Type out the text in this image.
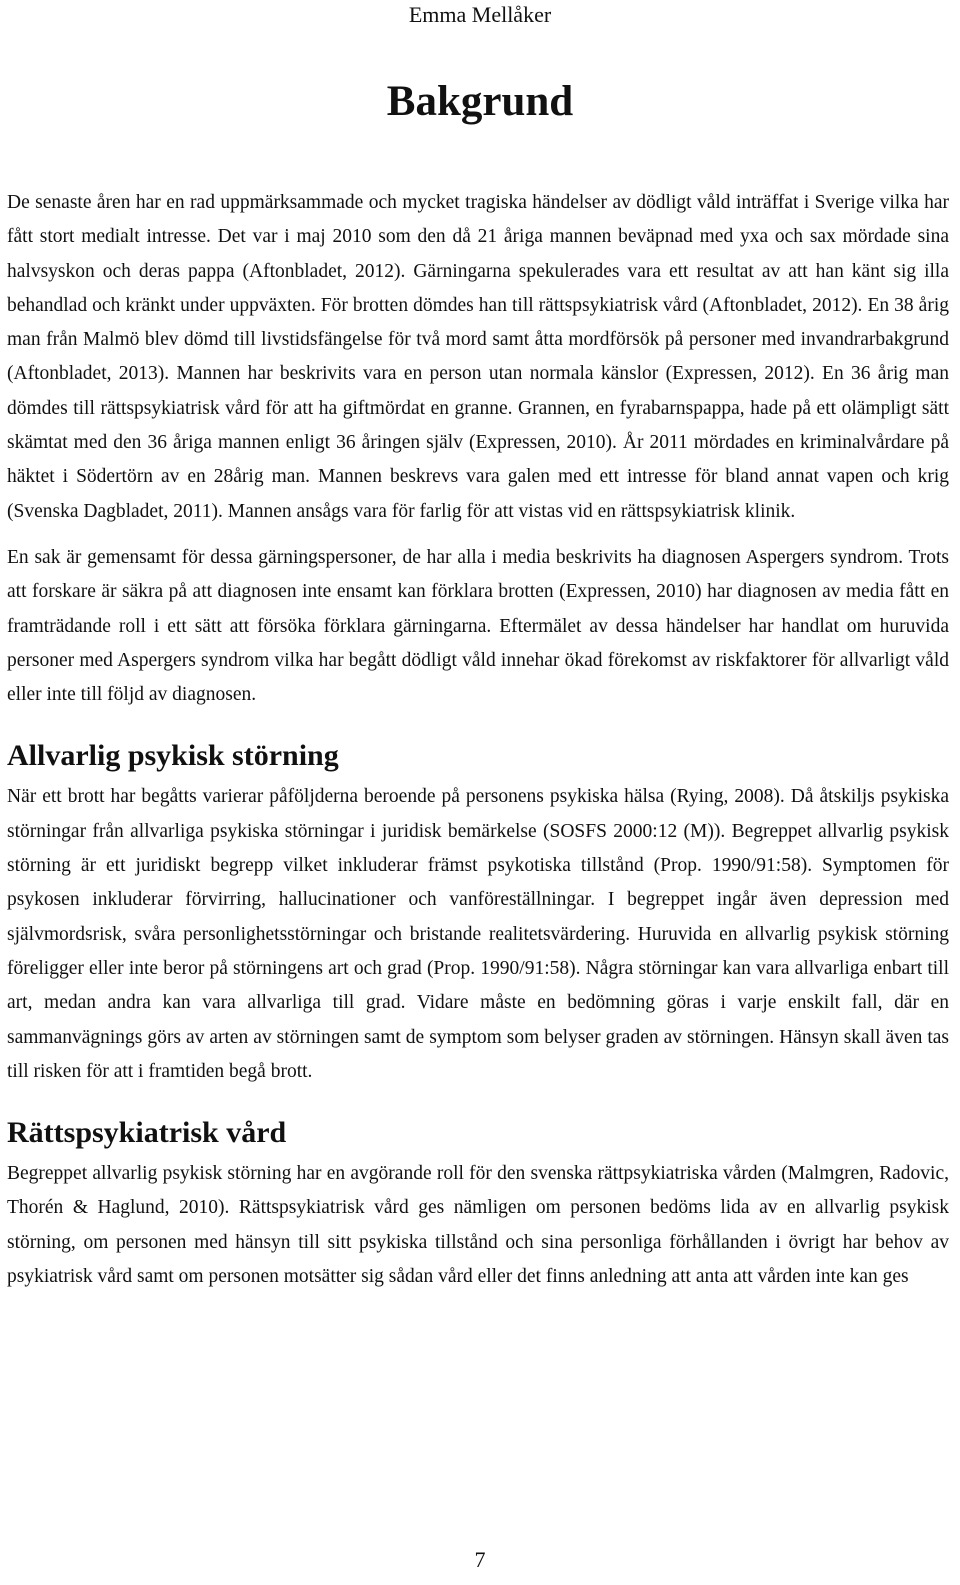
Emma Mellåker
Bakgrund

De senaste åren har en rad uppmärksammade och mycket tragiska händelser av dödligt våld inträffat i Sverige vilka har fått stort medialt intresse. Det var i maj 2010 som den då 21 åriga mannen beväpnad med yxa och sax mördade sina halvsyskon och deras pappa (Aftonbladet, 2012). Gärningarna spekulerades vara ett resultat av att han känt sig illa behandlad och kränkt under uppväxten. För brotten dömdes han till rättspsykiatrisk vård (Aftonbladet, 2012). En 38 årig man från Malmö blev dömd till livstidsfängelse för två mord samt åtta mordförsök på personer med invandrarbakgrund (Aftonbladet, 2013). Mannen har beskrivits vara en person utan normala känslor (Expressen, 2012). En 36 årig man dömdes till rättspsykiatrisk vård för att ha giftmördat en granne. Grannen, en fyrabarnspappa, hade på ett olämpligt sätt skämtat med den 36 åriga mannen enligt 36 åringen själv (Expressen, 2010). År 2011 mördades en kriminalvårdare på häktet i Södertörn av en 28årig man. Mannen beskrevs vara galen med ett intresse för bland annat vapen och krig (Svenska Dagbladet, 2011). Mannen ansågs vara för farlig för att vistas vid en rättspsykiatrisk klinik.

En sak är gemensamt för dessa gärningspersoner, de har alla i media beskrivits ha diagnosen Aspergers syndrom. Trots att forskare är säkra på att diagnosen inte ensamt kan förklara brotten (Expressen, 2010) har diagnosen av media fått en framträdande roll i ett sätt att försöka förklara gärningarna. Eftermälet av dessa händelser har handlat om huruvida personer med Aspergers syndrom vilka har begått dödligt våld innehar ökad förekomst av riskfaktorer för allvarligt våld eller inte till följd av diagnosen.

Allvarlig psykisk störning

När ett brott har begåtts varierar påföljderna beroende på personens psykiska hälsa (Rying, 2008). Då åtskiljs psykiska störningar från allvarliga psykiska störningar i juridisk bemärkelse (SOSFS 2000:12 (M)). Begreppet allvarlig psykisk störning är ett juridiskt begrepp vilket inkluderar främst psykotiska tillstånd (Prop. 1990/91:58). Symptomen för psykosen inkluderar förvirring, hallucinationer och vanföreställningar. I begreppet ingår även depression med självmordsrisk, svåra personlighetsstörningar och bristande realitetsvärdering. Huruvida en allvarlig psykisk störning föreligger eller inte beror på störningens art och grad (Prop. 1990/91:58). Några störningar kan vara allvarliga enbart till art, medan andra kan vara allvarliga till grad. Vidare måste en bedömning göras i varje enskilt fall, där en sammanvägnings görs av arten av störningen samt de symptom som belyser graden av störningen. Hänsyn skall även tas till risken för att i framtiden begå brott.

Rättspsykiatrisk vård

Begreppet allvarlig psykisk störning har en avgörande roll för den svenska rättpsykiatriska vården (Malmgren, Radovic, Thorén & Haglund, 2010). Rättspsykiatrisk vård ges nämligen om personen bedöms lida av en allvarlig psykisk störning, om personen med hänsyn till sitt psykiska tillstånd och sina personliga förhållanden i övrigt har behov av psykiatrisk vård samt om personen motsätter sig sådan vård eller det finns anledning att anta att vården inte kan ges

7
